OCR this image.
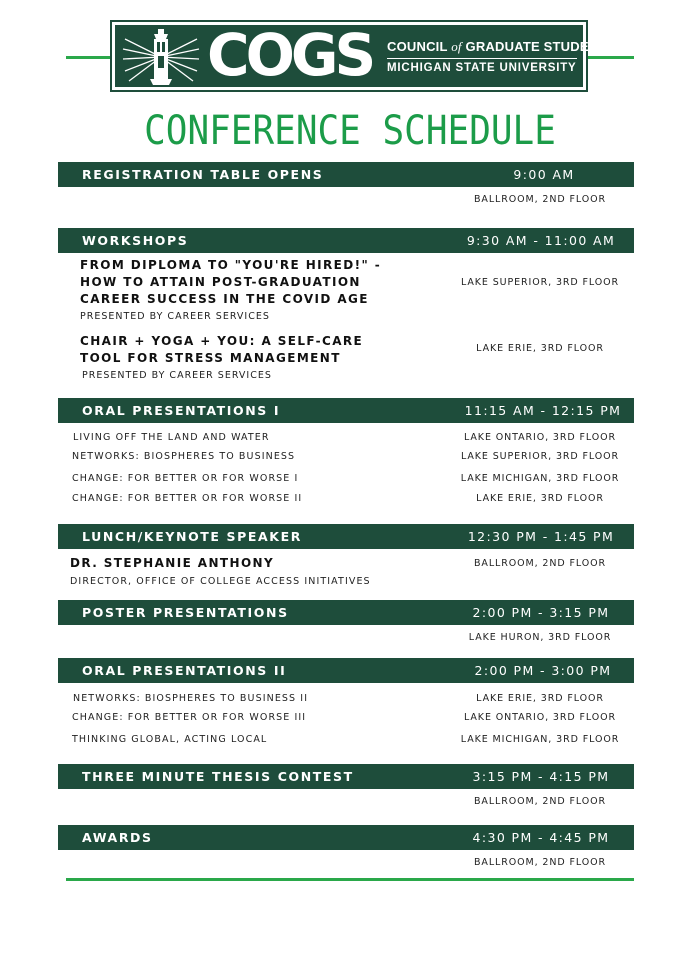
COGS COUNCIL of GRADUATE STUDENTS
MICHIGAN STATE UNIVERSITY
CONFERENCE SCHEDULE
REGISTRATION TABLE OPENS	9:00 AM
BALLROOM, 2ND FLOOR
WORKSHOPS	9:30 AM - 11:00 AM
FROM DIPLOMA TO "YOU'RE HIRED!" -
HOW TO ATTAIN POST-GRADUATION
CAREER SUCCESS IN THE COVID AGE
PRESENTED BY CAREER SERVICES
LAKE SUPERIOR, 3RD FLOOR
CHAIR + YOGA + YOU: A SELF-CARE
TOOL FOR STRESS MANAGEMENT
PRESENTED BY CAREER SERVICES
LAKE ERIE, 3RD FLOOR
ORAL PRESENTATIONS I	11:15 AM - 12:15 PM
LIVING OFF THE LAND AND WATER	LAKE ONTARIO, 3RD FLOOR
NETWORKS: BIOSPHERES TO BUSINESS	LAKE SUPERIOR, 3RD FLOOR
CHANGE: FOR BETTER OR FOR WORSE I	LAKE MICHIGAN, 3RD FLOOR
CHANGE: FOR BETTER OR FOR WORSE II	LAKE ERIE, 3RD FLOOR
LUNCH/KEYNOTE SPEAKER	12:30 PM - 1:45 PM
DR. STEPHANIE ANTHONY	BALLROOM, 2ND FLOOR
DIRECTOR, OFFICE OF COLLEGE ACCESS INITIATIVES
POSTER PRESENTATIONS	2:00 PM - 3:15 PM
LAKE HURON, 3RD FLOOR
ORAL PRESENTATIONS II	2:00 PM - 3:00 PM
NETWORKS: BIOSPHERES TO BUSINESS II	LAKE ERIE, 3RD FLOOR
CHANGE: FOR BETTER OR FOR WORSE III	LAKE ONTARIO, 3RD FLOOR
THINKING GLOBAL, ACTING LOCAL	LAKE MICHIGAN, 3RD FLOOR
THREE MINUTE THESIS CONTEST	3:15 PM - 4:15 PM
BALLROOM, 2ND FLOOR
AWARDS	4:30 PM - 4:45 PM
BALLROOM, 2ND FLOOR
